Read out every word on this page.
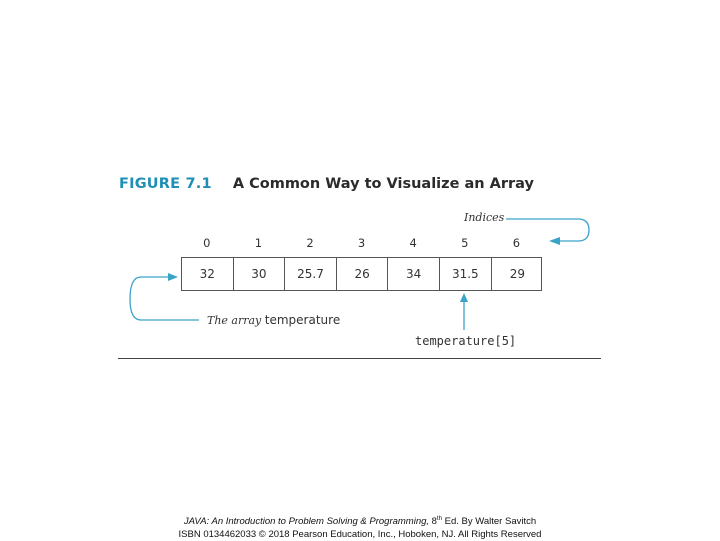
FIGURE 7.1 A Common Way to Visualize an Array
Indices
0	1	2	3	4	5	6
32	30	25.7	26	34	31.5	29
The array temperature
temperature[5]
JAVA: An Introduction to Problem Solving & Programming, 8th Ed. By Walter Savitch
ISBN 0134462033 © 2018 Pearson Education, Inc., Hoboken, NJ. All Rights Reserved
